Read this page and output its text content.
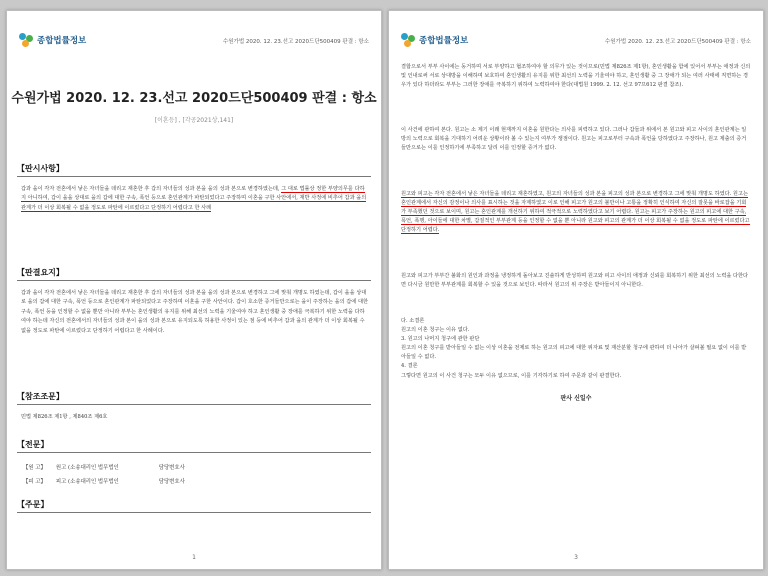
종합법률정보	수원가법 2020. 12. 23.선고 2020드단500409 판결 : 항소
수원가법 2020. 12. 23.선고 2020드단500409 판결 : 항소
[이혼등] , [각공2021상,141]
【판시사항】
갑과 을이 각자 전혼에서 낳은 자녀들을 데리고 재혼한 후 갑의 자녀들의 성과 본을 을의 성과 본으로 변경하였는데, 그 대로 법률상 정한 부양의무를 다하지 아니하여, 갑이 을을 상대로 을의 갑에 대한 구속, 폭언 등으로 혼인관계가 파탄되었다고 주장하며 이혼을 구한 사안에서, 재반 사정에 비추어 갑과 을의 관계가 더 이상 회복될 수 없을 정도로 파탄에 이르렀다고 단정하기 어렵다고 한 사례
【판결요지】
갑과 을이 각자 전혼에서 낳은 자녀들을 데리고 재혼한 후 갑의 자녀들의 성과 본을 을의 성과 본으로 변경하고 그에 맞춰 개명도 하였는데, 갑이 을을 상대로 을의 갑에 대한 구속, 폭언 등으로 혼인관계가 파탄되었다고 주장하며 이혼을 구한 사안이다. 갑이 호소한 증거들만으로는 을이 주장하는 을의 갑에 대한 구속, 폭언 등을 인정할 수 없을 뿐만 아니라 부부는 혼인생활의 유지를 위해 최선의 노력을 기울여야 하고 혼인생활 중 장애를 극복하기 위한 노력을 다하여야 하는데 자신의 전혼에서의 자녀들의 성과 본이 을의 성과 본으로 유지되도록 허용한 사정이 있는 점 등에 비추어 갑과 을의 관계가 더 이상 회복될 수 없을 정도로 파탄에 이르렀다고 단정하기 어렵다고 한 사례이다.
【참조조문】
민법 제826조 제1항 , 제840조 제6호
【전문】
【원 고】 원고 (소송대리인 법무법인	담당변호사
【피 고】 피고 (소송대리인 법무법인	담당변호사
【주문】
1
종합법률정보	수원가법 2020. 12. 23.선고 2020드단500409 판결 : 항소
결합으로서 부부 사이에는 동거하며 서로 부양하고 협조하여야 할 의무가 있는 것이므로(민법 제826조 제1항), 혼인생활을 함에 있어서 부부는 애정과 신의 및 인내로써 서로 상대방을 이해하며 보호하여 혼인생활의 유지를 위한 최선의 노력을 기울여야 하고, 혼인생활 중 그 장애가 되는 여러 사태에 직면하는 경우가 있다 하더라도 부부는 그러한 장애를 극복하기 위하여 노력하여야 한다(대법원 1999. 2. 12. 선고 97므612 판결 참조).
이 사건에 관하여 본다. 원고는 소 제기 이래 현재까지 이혼을 원한다는 의사를 피력하고 있다. 그러나 갑들과 위에서 본 원고와 피고 사이의 혼인관계는 일방의 노력으로 회복을 기대하기 어려운 상황이라 볼 수 있는지 여부가 쟁점이다. 원고는 피고로부터 구속과 폭언을 당하였다고 주장하나, 원고 제출의 증거들만으로는 이를 인정하기에 부족하고 달리 이를 인정할 증거가 없다.
원고와 피고는 각자 전혼에서 낳은 자녀들을 데리고 재혼하였고, 원고의 자녀들의 성과 본을 피고의 성과 본으로 변경하고 그에 맞춰 개명도 하였다. 원고는 혼인관계에서 자신의 감정이나 의사를 표시하는 것을 자제하였고 이로 인해 피고가 원고의 불만이나 고통을 정확히 인식하여 자신의 잘못을 바로잡을 기회가 부족했던 것으로 보이며, 원고는 혼인관계를 개선하기 위하여 적극적으로 노력하였다고 보기 어렵다. 원고는 피고가 주장하는 원고의 피고에 대한 구속, 폭언, 폭행, 아이들에 대한 차별, 갑질적인 부부관계 등을 인정할 수 없을 뿐 아니라 원고와 피고의 관계가 더 이상 회복될 수 없을 정도로 파탄에 이르렀다고 단정하기 어렵다.
원고와 피고가 부부간 불화의 원인과 과정을 냉정하게 돌아보고 진솔하게 반성하며 원고와 피고 사이의 애정과 신뢰를 회복하기 위한 최선의 노력을 다한다면 다시금 원만한 부부관계를 회복할 수 있을 것으로 보인다. 따라서 원고의 위 주장은 받아들이지 아니한다.
다. 소결론
원고의 이혼 청구는 이유 없다.
3. 원고의 나머지 청구에 관한 판단
원고의 이혼 청구를 받아들일 수 없는 이상 이혼을 전제로 하는 원고의 피고에 대한 위자료 및 재산분할 청구에 관하여 더 나아가 살펴볼 필요 없이 이를 받아들일 수 없다.
4. 결론
그렇다면 원고의 이 사건 청구는 모두 이유 없으므로, 이를 기각하기로 하여 주문과 같이 판결한다.
판사 신일수
3
